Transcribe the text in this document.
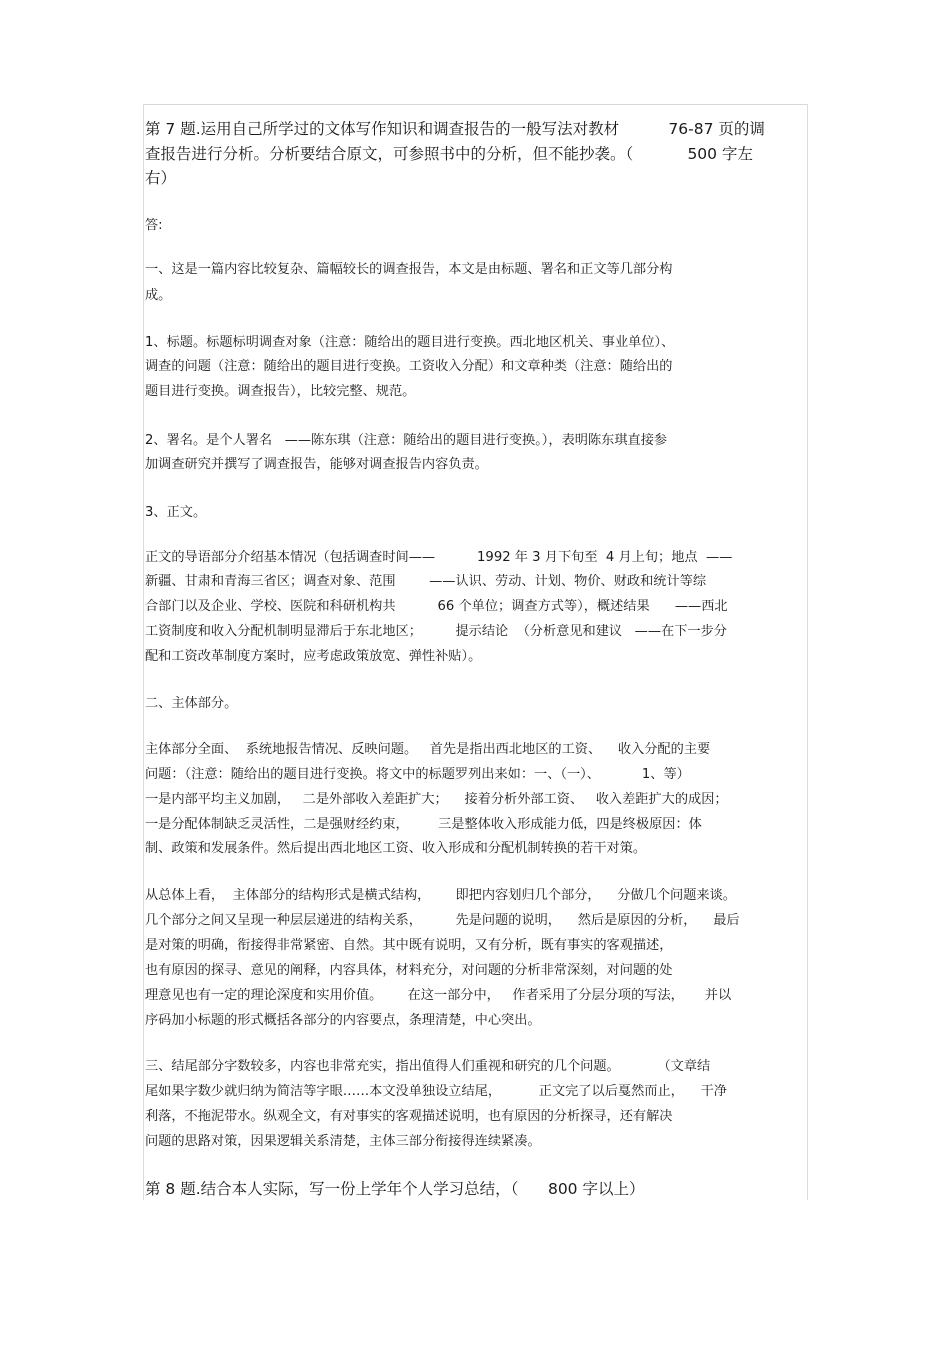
第 7 题.运用自己所学过的文体写作知识和调查报告的一般写法对教材          76-87 页的调

查报告进行分析。分析要结合原文，可参照书中的分析，但不能抄袭。（           500 字左

右）

答:

一、这是一篇内容比较复杂、篇幅较长的调查报告，本文是由标题、署名和正文等几部分构

成。

1、标题。标题标明调查对象（注意：随给出的题目进行变换。西北地区机关、事业单位）、

调查的问题（注意：随给出的题目进行变换。工资收入分配）和文章种类（注意：随给出的

题目进行变换。调查报告），比较完整、规范。

2、署名。是个人署名   ——陈东琪（注意：随给出的题目进行变换。），表明陈东琪直接参

加调查研究并撰写了调查报告，能够对调查报告内容负责。

3、正文。

正文的导语部分介绍基本情况（包括调查时间——          1992 年 3 月下旬至  4 月上旬；地点  ——

新疆、甘肃和青海三省区；调查对象、范围        ——认识、劳动、计划、物价、财政和统计等综

合部门以及企业、学校、医院和科研机构共          66 个单位；调查方式等），概述结果      ——西北

工资制度和收入分配机制明显滞后于东北地区；        提示结论  （分析意见和建议   ——在下一步分

配和工资改革制度方案时，应考虑政策放宽、弹性补贴）。

二、主体部分。

主体部分全面、  系统地报告情况、反映问题。   首先是指出西北地区的工资、    收入分配的主要

问题：（注意：随给出的题目进行变换。将文中的标题罗列出来如：一、（一）、          1、等）

一是内部平均主义加剧，   二是外部收入差距扩大；    接着分析外部工资、   收入差距扩大的成因；

一是分配体制缺乏灵活性，二是强财经约束，       三是整体收入形成能力低，四是终极原因：体

制、政策和发展条件。然后提出西北地区工资、收入形成和分配机制转换的若干对策。

从总体上看，  主体部分的结构形式是横式结构，      即把内容划归几个部分，    分做几个问题来谈。

几个部分之间又呈现一种层层递进的结构关系，        先是问题的说明，    然后是原因的分析，    最后

是对策的明确，衔接得非常紧密、自然。其中既有说明，又有分析，既有事实的客观描述，

也有原因的探寻、意见的阐释，内容具体，材料充分，对问题的分析非常深刻，对问题的处

理意见也有一定的理论深度和实用价值。      在这一部分中，   作者采用了分层分项的写法，     并以

序码加小标题的形式概括各部分的内容要点，条理清楚，中心突出。

三、结尾部分字数较多，内容也非常充实，指出值得人们重视和研究的几个问题。         （文章结

尾如果字数少就归纳为简洁等字眼……本文没单独设立结尾，         正文完了以后戛然而止，    干净

利落，不拖泥带水。纵观全文，有对事实的客观描述说明，也有原因的分析探寻，还有解决

问题的思路对策，因果逻辑关系清楚，主体三部分衔接得连续紧凑。

第 8 题.结合本人实际，写一份上学年个人学习总结，（      800 字以上）
